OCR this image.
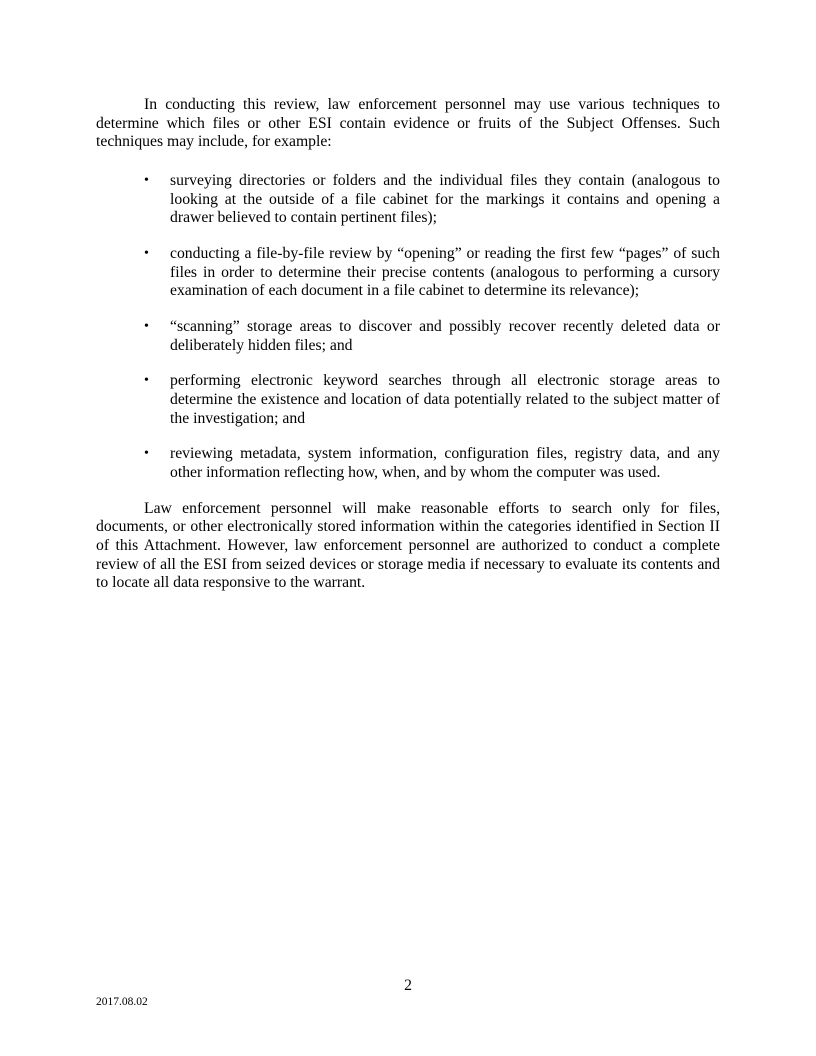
In conducting this review, law enforcement personnel may use various techniques to determine which files or other ESI contain evidence or fruits of the Subject Offenses. Such techniques may include, for example:

•	surveying directories or folders and the individual files they contain (analogous to looking at the outside of a file cabinet for the markings it contains and opening a drawer believed to contain pertinent files);
•	conducting a file-by-file review by “opening” or reading the first few “pages” of such files in order to determine their precise contents (analogous to performing a cursory examination of each document in a file cabinet to determine its relevance);
•	“scanning” storage areas to discover and possibly recover recently deleted data or deliberately hidden files; and
•	performing electronic keyword searches through all electronic storage areas to determine the existence and location of data potentially related to the subject matter of the investigation; and
•	reviewing metadata, system information, configuration files, registry data, and any other information reflecting how, when, and by whom the computer was used.

Law enforcement personnel will make reasonable efforts to search only for files, documents, or other electronically stored information within the categories identified in Section II of this Attachment. However, law enforcement personnel are authorized to conduct a complete review of all the ESI from seized devices or storage media if necessary to evaluate its contents and to locate all data responsive to the warrant.

2
2017.08.02
